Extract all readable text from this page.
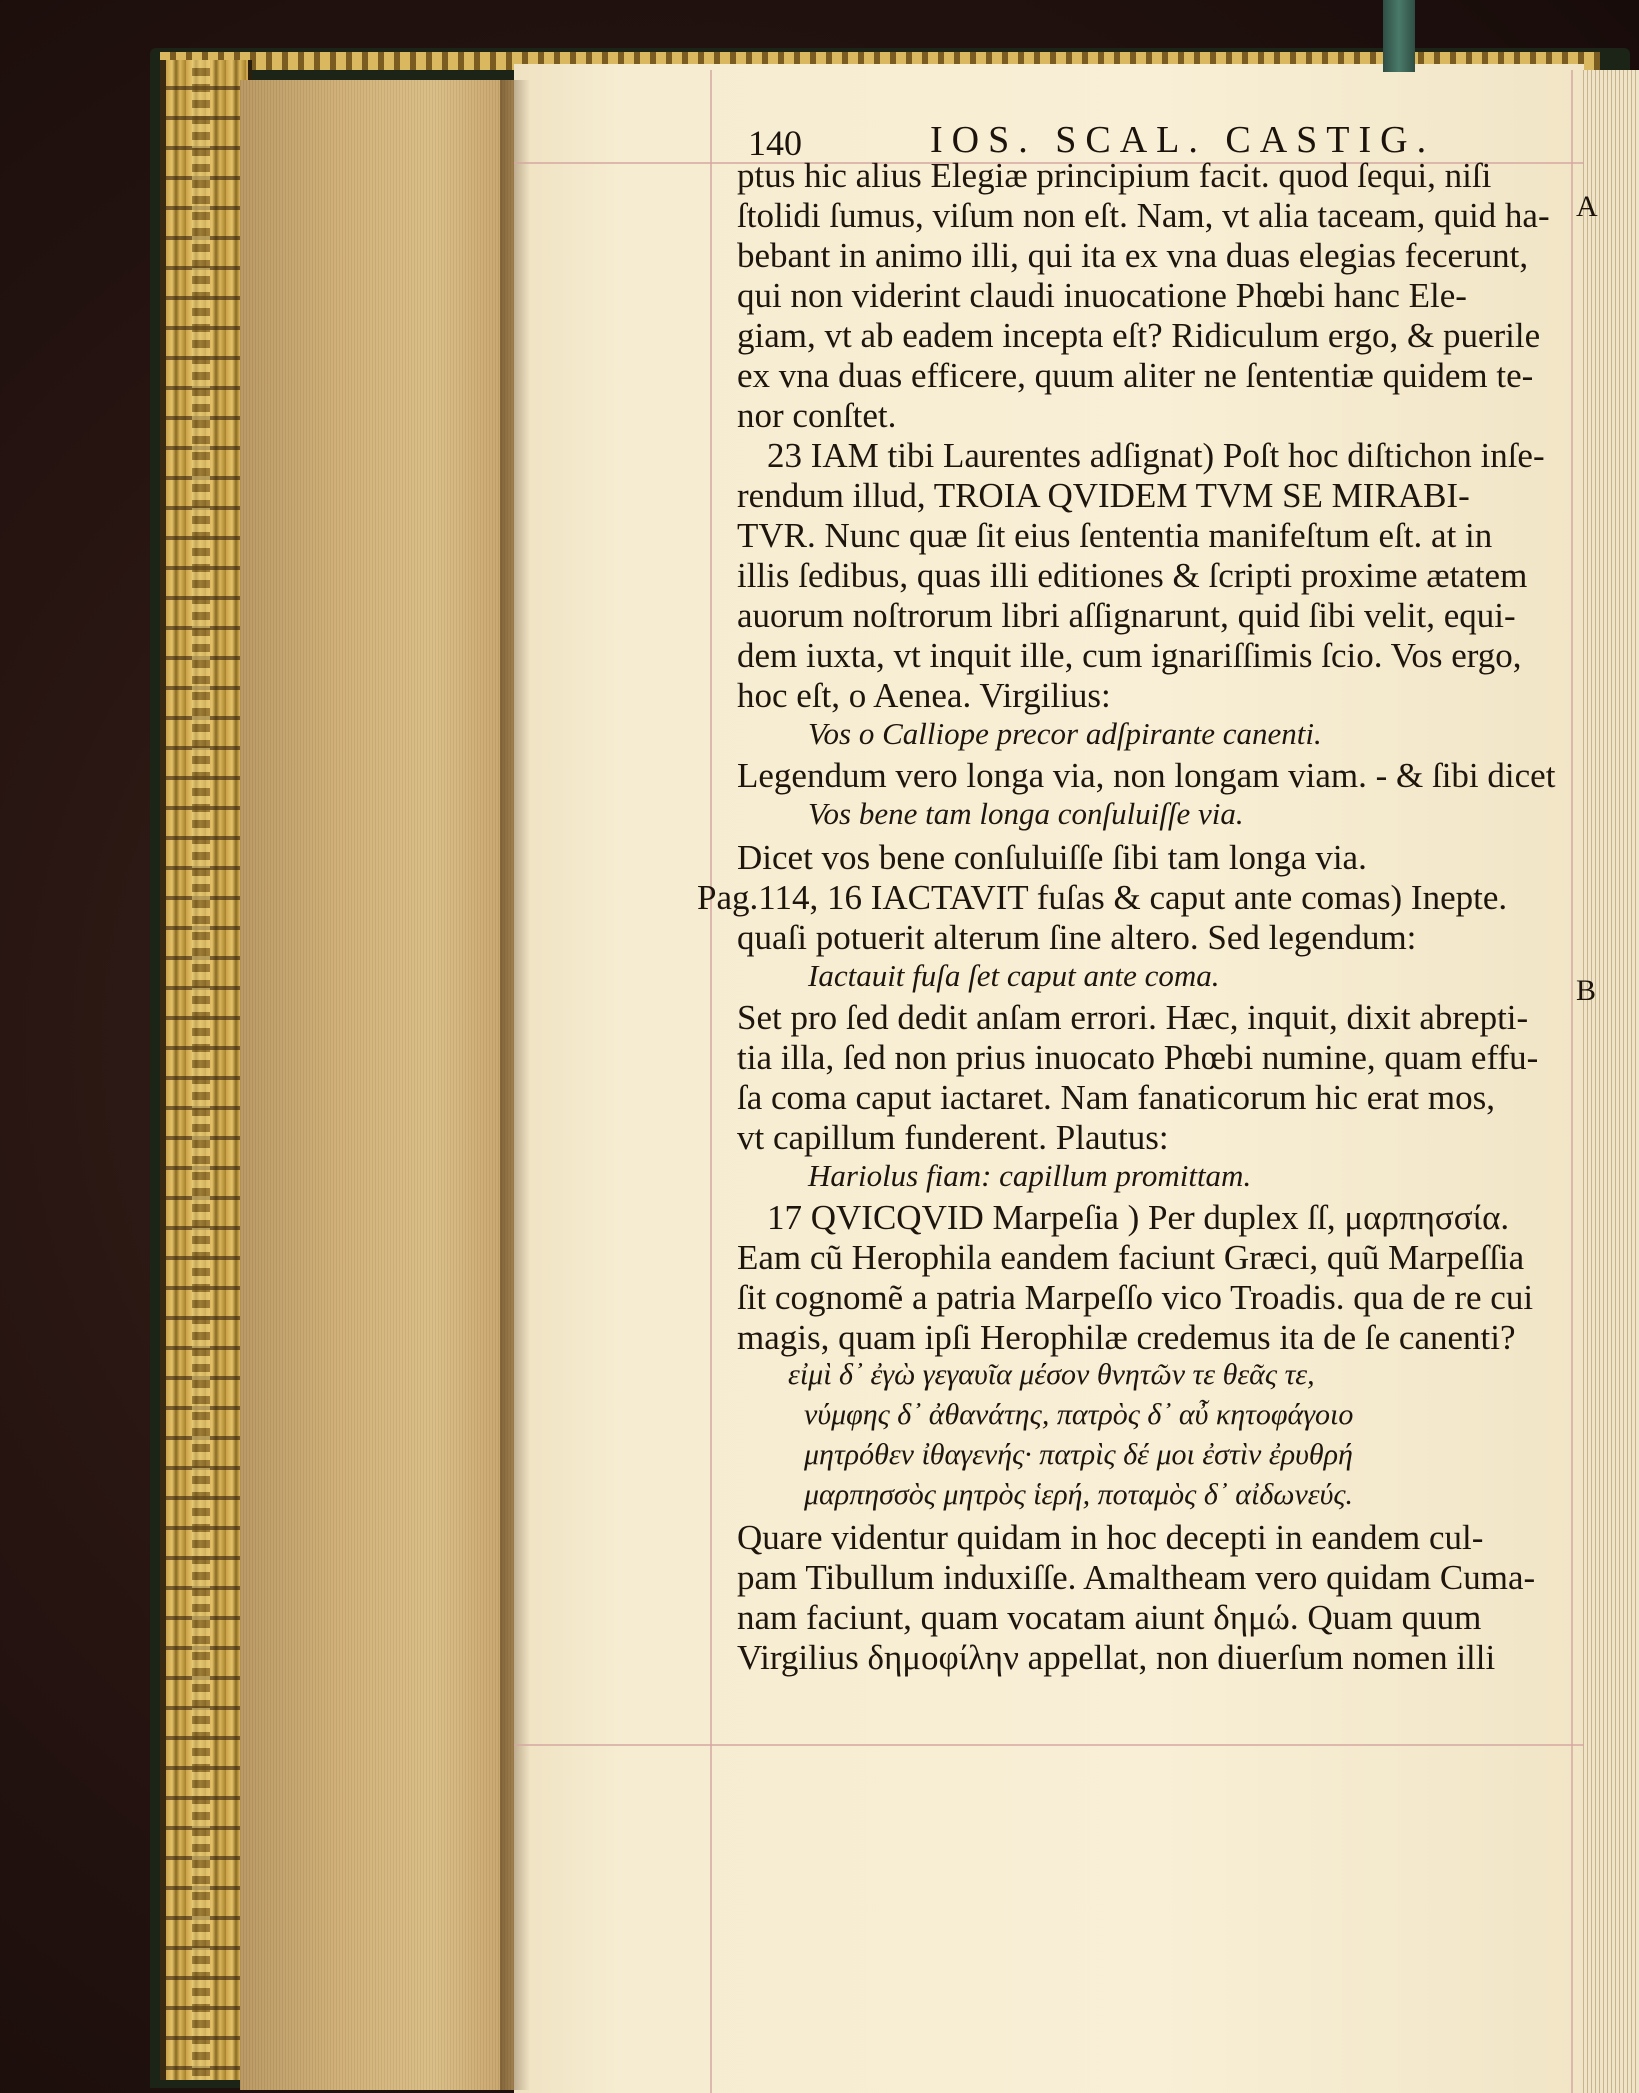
140	IOS. SCAL. CASTIG.
A
B
ptus hic alius Elegiæ principium facit. quod ſequi, niſi
ſtolidi ſumus, viſum non eſt. Nam, vt alia taceam, quid ha-
bebant in animo illi, qui ita ex vna duas elegias fecerunt,
qui non viderint claudi inuocatione Phœbi hanc Ele-
giam, vt ab eadem incepta eſt? Ridiculum ergo, & puerile
ex vna duas efficere, quum aliter ne ſententiæ quidem te-
nor conſtet.
23 IAM tibi Laurentes adſignat) Poſt hoc diſtichon inſe-
rendum illud, TROIA QVIDEM TVM SE MIRABI-
TVR. Nunc quæ ſit eius ſententia manifeſtum eſt. at in
illis ſedibus, quas illi editiones & ſcripti proxime ætatem
auorum noſtrorum libri aſſignarunt, quid ſibi velit, equi-
dem iuxta, vt inquit ille, cum ignariſſimis ſcio. Vos ergo,
hoc eſt, o Aenea. Virgilius:
Vos o Calliope precor adſpirante canenti.
Legendum vero longa via, non longam viam. - & ſibi dicet
Vos bene tam longa conſuluiſſe via.
Dicet vos bene conſuluiſſe ſibi tam longa via.
Pag.114, 16 IACTAVIT fuſas & caput ante comas) Inepte.
quaſi potuerit alterum ſine altero. Sed legendum:
Iactauit fuſa ſet caput ante coma.
Set pro ſed dedit anſam errori. Hæc, inquit, dixit abrepti-
tia illa, ſed non prius inuocato Phœbi numine, quam effu-
ſa coma caput iactaret. Nam fanaticorum hic erat mos,
vt capillum funderent. Plautus:
Hariolus fiam: capillum promittam.
17 QVICQVID Marpeſia ) Per duplex ſſ, μαρπησσία.
Eam cũ Herophila eandem faciunt Græci, quũ Marpeſſia
ſit cognomẽ a patria Marpeſſo vico Troadis. qua de re cui
magis, quam ipſi Herophilæ credemus ita de ſe canenti?
εἰμὶ δ᾽ ἐγὼ γεγαυῖα μέσον θνητῶν τε θεᾶς τε,
νύμφης δ᾽ ἀθανάτης, πατρὸς δ᾽ αὖ κητοφάγοιο
μητρόθεν ἰθαγενής· πατρὶς δέ μοι ἐστὶν ἐρυθρή
μαρπησσὸς μητρὸς ἱερή, ποταμὸς δ᾽ αἰδωνεύς.
Quare videntur quidam in hoc decepti in eandem cul-
pam Tibullum induxiſſe. Amaltheam vero quidam Cuma-
nam faciunt, quam vocatam aiunt δημώ. Quam quum
Virgilius δημοφίλην appellat, non diuerſum nomen illi
